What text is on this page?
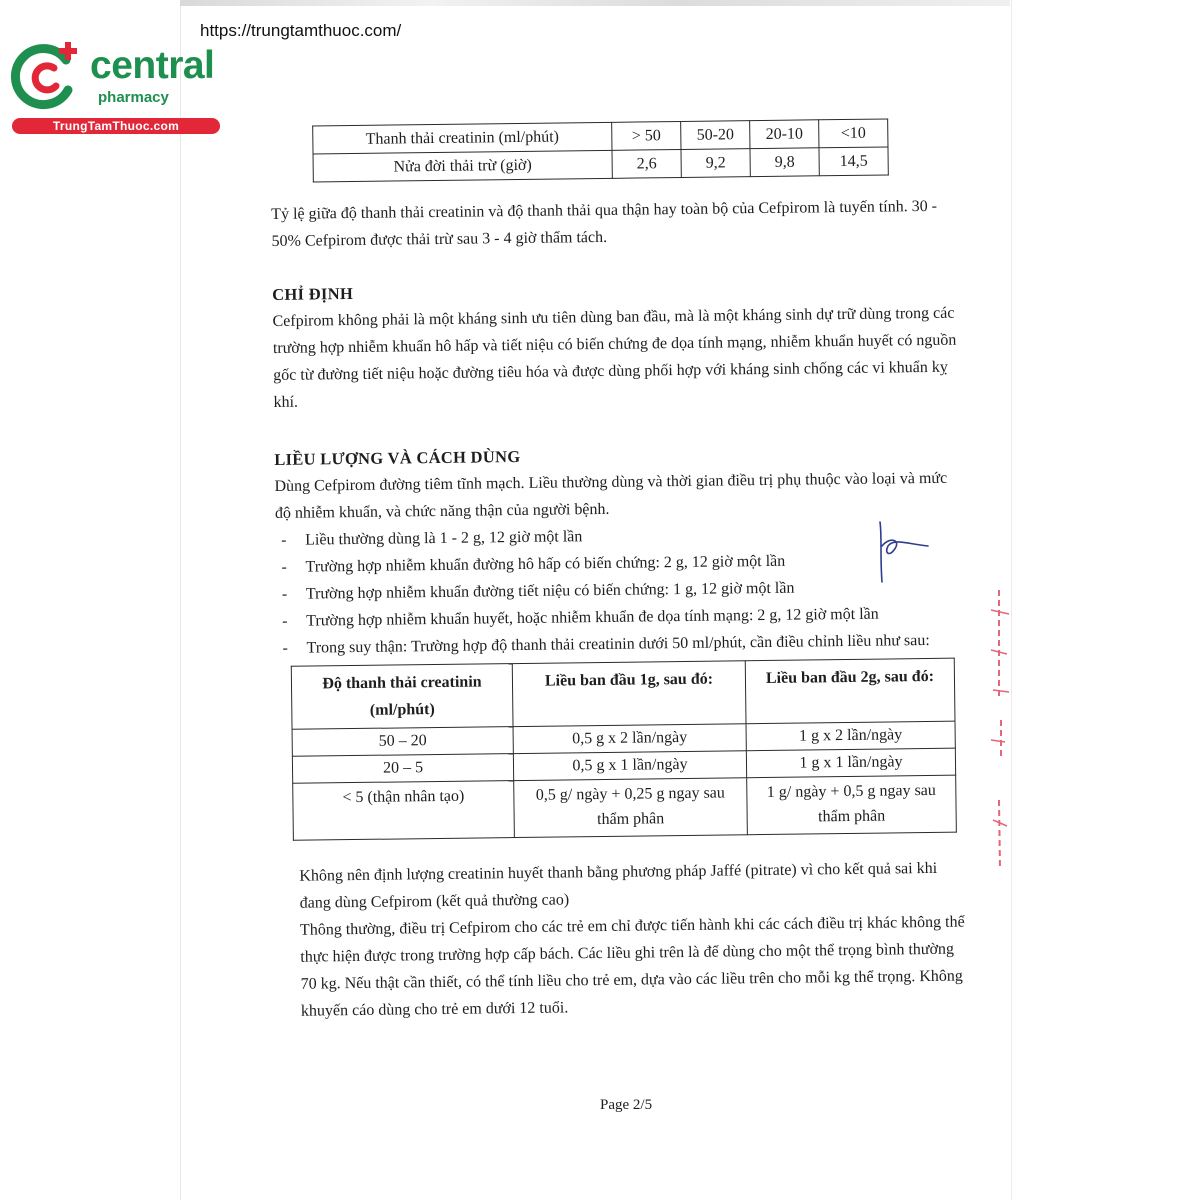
https://trungtamthuoc.com/
central
pharmacy
TrungTamThuoc.com
Thanh thải creatinin (ml/phút)	> 50	50-20	20-10	<10
Nửa đời thải trừ (giờ)	2,6	9,2	9,8	14,5

Tỷ lệ giữa độ thanh thải creatinin và độ thanh thải qua thận hay toàn bộ của Cefpirom là tuyến tính. 30 - 50% Cefpirom được thải trừ sau 3 - 4 giờ thẩm tách.

CHỈ ĐỊNH

Cefpirom không phải là một kháng sinh ưu tiên dùng ban đầu, mà là một kháng sinh dự trữ dùng trong các trường hợp nhiễm khuẩn hô hấp và tiết niệu có biến chứng đe dọa tính mạng, nhiễm khuẩn huyết có nguồn gốc từ đường tiết niệu hoặc đường tiêu hóa và được dùng phối hợp với kháng sinh chống các vi khuẩn kỵ khí.

LIỀU LƯỢNG VÀ CÁCH DÙNG

Dùng Cefpirom đường tiêm tĩnh mạch. Liều thường dùng và thời gian điều trị phụ thuộc vào loại và mức độ nhiễm khuẩn, và chức năng thận của người bệnh.

- Liều thường dùng là 1 - 2 g, 12 giờ một lần
- Trường hợp nhiễm khuẩn đường hô hấp có biến chứng: 2 g, 12 giờ một lần
- Trường hợp nhiễm khuẩn đường tiết niệu có biến chứng: 1 g, 12 giờ một lần
- Trường hợp nhiễm khuẩn huyết, hoặc nhiễm khuẩn đe dọa tính mạng: 2 g, 12 giờ một lần
- Trong suy thận: Trường hợp độ thanh thải creatinin dưới 50 ml/phút, cần điều chỉnh liều như sau:
Độ thanh thải creatinin (ml/phút)	Liều ban đầu 1g, sau đó:	Liều ban đầu 2g, sau đó:
50 – 20	0,5 g x 2 lần/ngày	1 g x 2 lần/ngày
20 – 5	0,5 g x 1 lần/ngày	1 g x 1 lần/ngày
< 5 (thận nhân tạo)	0,5 g/ ngày + 0,25 g ngay sau thẩm phân	1 g/ ngày + 0,5 g ngay sau thẩm phân

Không nên định lượng creatinin huyết thanh bằng phương pháp Jaffé (pitrate) vì cho kết quả sai khi đang dùng Cefpirom (kết quả thường cao)

Thông thường, điều trị Cefpirom cho các trẻ em chỉ được tiến hành khi các cách điều trị khác không thể thực hiện được trong trường hợp cấp bách. Các liều ghi trên là để dùng cho một thể trọng bình thường 70 kg. Nếu thật cần thiết, có thể tính liều cho trẻ em, dựa vào các liều trên cho mỗi kg thể trọng. Không khuyến cáo dùng cho trẻ em dưới 12 tuổi.

Page 2/5
